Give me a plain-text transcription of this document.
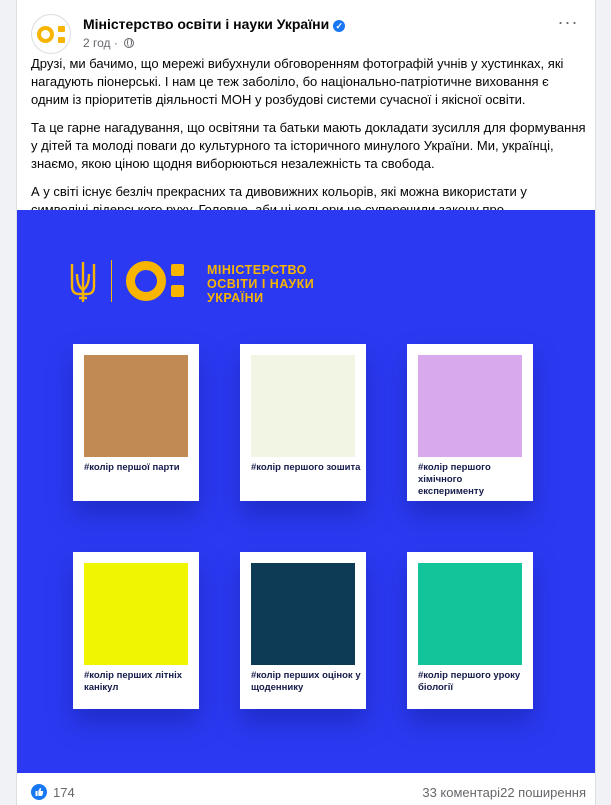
Міністерство освіти і науки України ✓
2 год ·
···

Друзі, ми бачимо, що мережі вибухнули обговоренням фотографій учнів у хустинках, які нагадують піонерські. І нам це теж заболіло, бо національно-патріотичне виховання є одним із пріоритетів діяльності МОН у розбудові системи сучасної і якісної освіти.

Та це гарне нагадування, що освітяни та батьки мають докладати зусилля для формування у дітей та молоді поваги до культурного та історичного минулого України. Ми, українці, знаємо, якою ціною щодня виборюються незалежність та свобода.

А у світі існує безліч прекрасних та дивовижних кольорів, які можна використати у

МІНІСТЕРСТВО
ОСВІТИ І НАУКИ
УКРАЇНИ
#колір першої парти	#колір першого зошита	#колір першого хімічного експерименту
#колір перших літніх канікул
#колір перших оцінок у щоденнику
#колір першого уроку біології
174	33 коментарі 22 поширення
